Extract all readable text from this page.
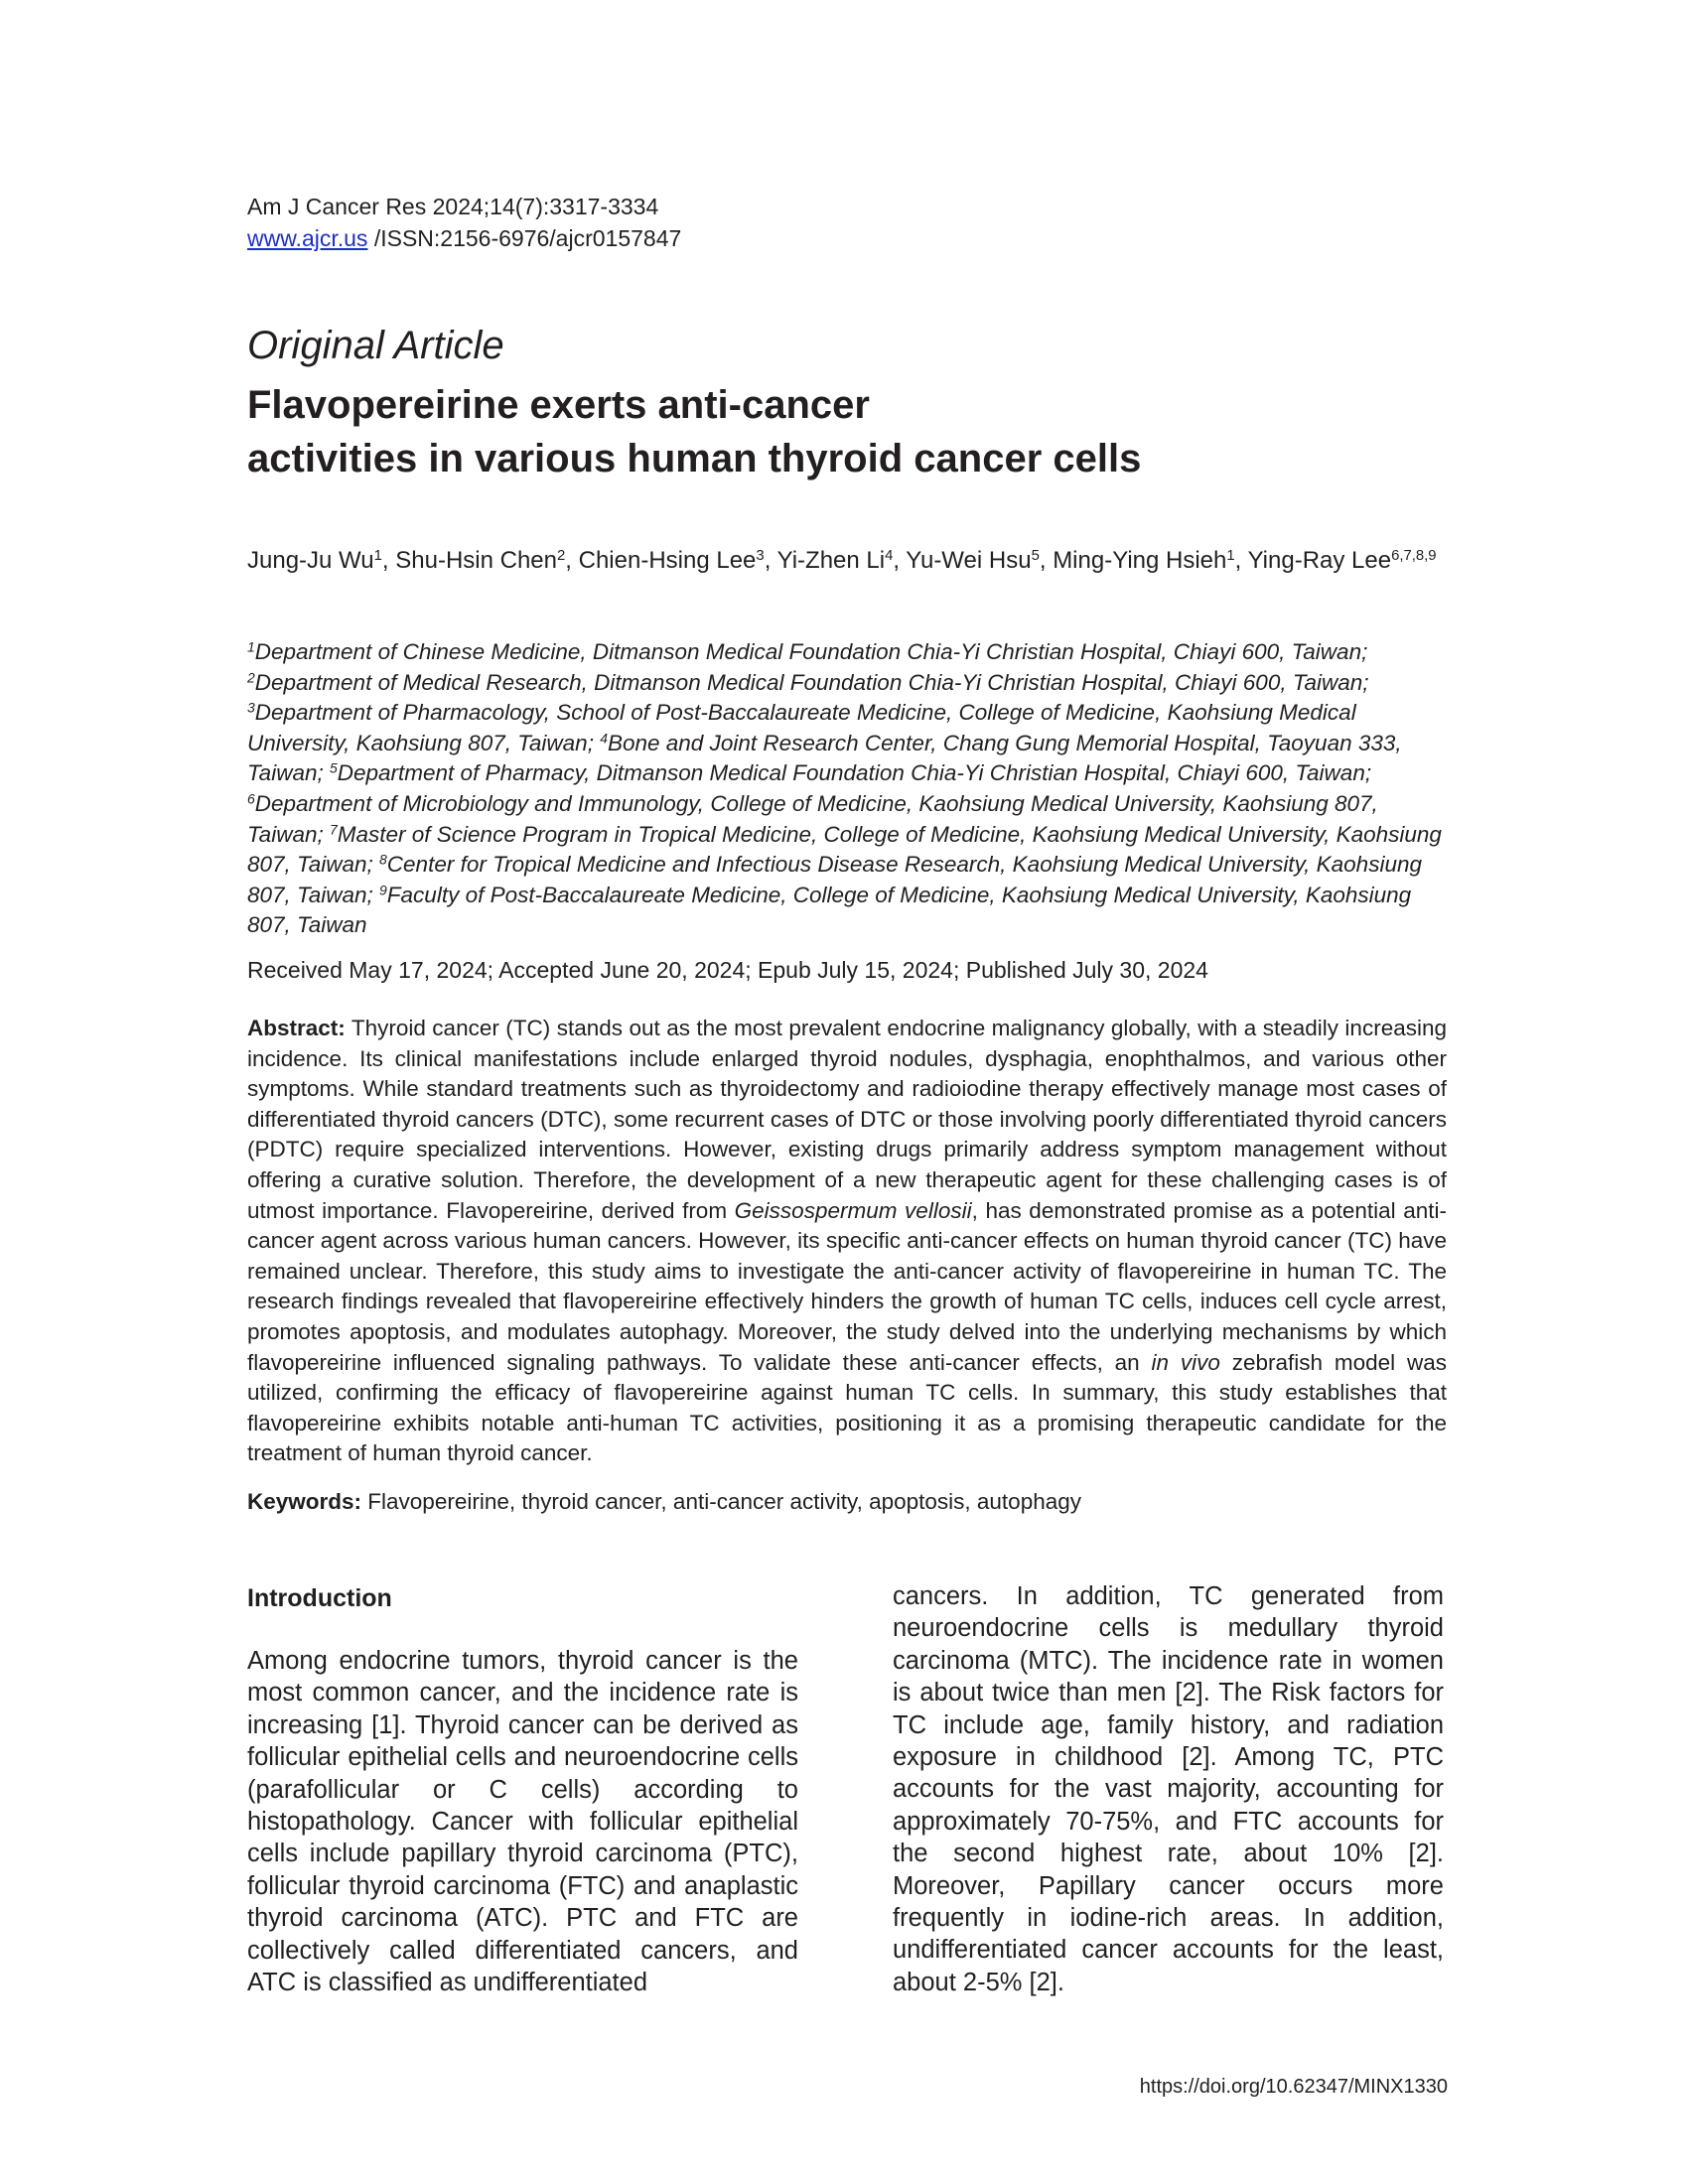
Am J Cancer Res 2024;14(7):3317-3334

www.ajcr.us /ISSN:2156-6976/ajcr0157847

Original Article
Flavopereirine exerts anti-cancer
activities in various human thyroid cancer cells

Jung-Ju Wu$^1$, Shu-Hsin Chen$^2$, Chien-Hsing Lee$^3$, Yi-Zhen Li$^4$, Yu-Wei Hsu$^5$, Ming-Ying Hsieh$^1$, Ying-Ray Lee$^{6,7,8,9}$

$^1$Department of Chinese Medicine, Ditmanson Medical Foundation Chia-Yi Christian Hospital, Chiayi 600, Taiwan; $^2$Department of Medical Research, Ditmanson Medical Foundation Chia-Yi Christian Hospital, Chiayi 600, Taiwan; $^3$Department of Pharmacology, School of Post-Baccalaureate Medicine, College of Medicine, Kaohsiung Medical University, Kaohsiung 807, Taiwan; $^4$Bone and Joint Research Center, Chang Gung Memorial Hospital, Taoyuan 333, Taiwan; $^5$Department of Pharmacy, Ditmanson Medical Foundation Chia-Yi Christian Hospital, Chiayi 600, Taiwan; $^6$Department of Microbiology and Immunology, College of Medicine, Kaohsiung Medical University, Kaohsiung 807, Taiwan; $^7$Master of Science Program in Tropical Medicine, College of Medicine, Kaohsiung Medical University, Kaohsiung 807, Taiwan; $^8$Center for Tropical Medicine and Infectious Disease Research, Kaohsiung Medical University, Kaohsiung 807, Taiwan; $^9$Faculty of Post-Baccalaureate Medicine, College of Medicine, Kaohsiung Medical University, Kaohsiung 807, Taiwan

Received May 17, 2024; Accepted June 20, 2024; Epub July 15, 2024; Published July 30, 2024

Abstract: Thyroid cancer (TC) stands out as the most prevalent endocrine malignancy globally, with a steadily increasing incidence. Its clinical manifestations include enlarged thyroid nodules, dysphagia, enophthalmos, and various other symptoms. While standard treatments such as thyroidectomy and radioiodine therapy effectively manage most cases of differentiated thyroid cancers (DTC), some recurrent cases of DTC or those involving poorly differentiated thyroid cancers (PDTC) require specialized interventions. However, existing drugs primarily address symptom management without offering a curative solution. Therefore, the development of a new therapeutic agent for these challenging cases is of utmost importance. Flavopereirine, derived from Geissospermum vellosii, has demonstrated promise as a potential anti-cancer agent across various human cancers. However, its specific anti-cancer effects on human thyroid cancer (TC) have remained unclear. Therefore, this study aims to investigate the anti-cancer activity of flavopereirine in human TC. The research findings revealed that flavopereirine effectively hinders the growth of human TC cells, induces cell cycle arrest, promotes apoptosis, and modulates autophagy. Moreover, the study delved into the underlying mechanisms by which flavopereirine influenced signaling pathways. To validate these anti-cancer effects, an in vivo zebrafish model was utilized, confirming the efficacy of flavopereirine against human TC cells. In summary, this study establishes that flavopereirine exhibits notable anti-human TC activities, positioning it as a promising therapeutic candidate for the treatment of human thyroid cancer.

Keywords: Flavopereirine, thyroid cancer, anti-cancer activity, apoptosis, autophagy

Introduction

Among endocrine tumors, thyroid cancer is the most common cancer, and the incidence rate is increasing [1]. Thyroid cancer can be derived as follicular epithelial cells and neuroendocrine cells (parafollicular or C cells) according to histopathology. Cancer with follicular epithelial cells include papillary thyroid carcinoma (PTC), follicular thyroid carcinoma (FTC) and anaplastic thyroid carcinoma (ATC). PTC and FTC are collectively called differentiated cancers, and ATC is classified as undifferentiated

cancers. In addition, TC generated from neuroendocrine cells is medullary thyroid carcinoma (MTC). The incidence rate in women is about twice than men [2]. The Risk factors for TC include age, family history, and radiation exposure in childhood [2]. Among TC, PTC accounts for the vast majority, accounting for approximately 70-75%, and FTC accounts for the second highest rate, about 10% [2]. Moreover, Papillary cancer occurs more frequently in iodine-rich areas. In addition, undifferentiated cancer accounts for the least, about 2-5% [2].

https://doi.org/10.62347/MINX1330
